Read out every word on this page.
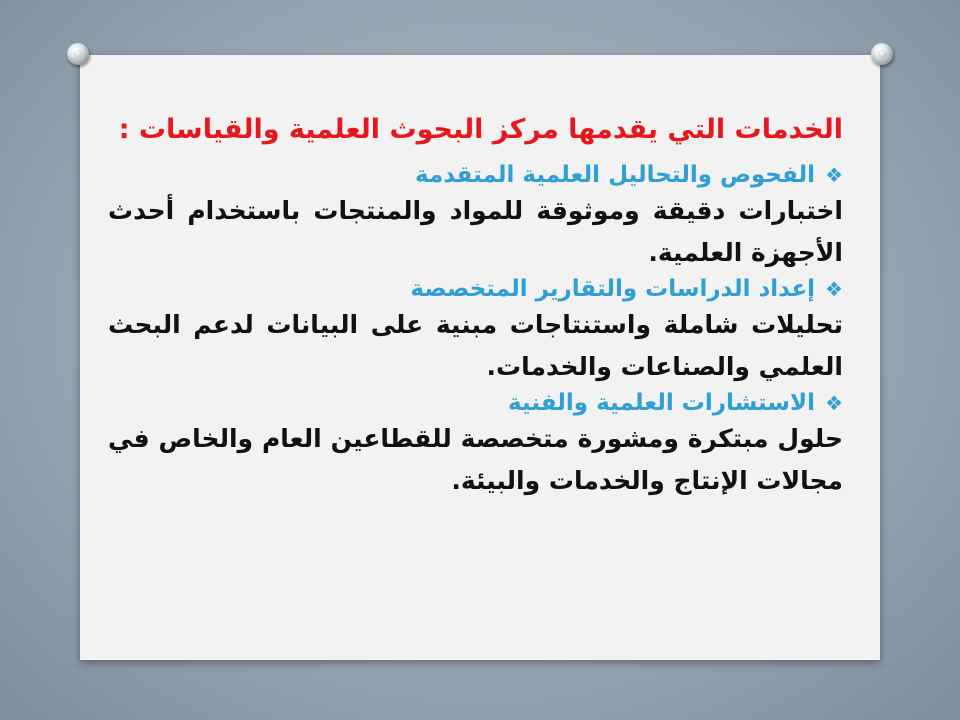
الخدمات التي يقدمها مركز البحوث العلمية والقياسات :
❖الفحوص والتحاليل العلمية المتقدمة

اختبارات دقيقة وموثوقة للمواد والمنتجات باستخدام أحدث الأجهزة العلمية.

❖إعداد الدراسات والتقارير المتخصصة

تحليلات شاملة واستنتاجات مبنية على البيانات لدعم البحث العلمي والصناعات والخدمات.

❖الاستشارات العلمية والفنية

حلول مبتكرة ومشورة متخصصة للقطاعين العام والخاص في مجالات الإنتاج والخدمات والبيئة.
